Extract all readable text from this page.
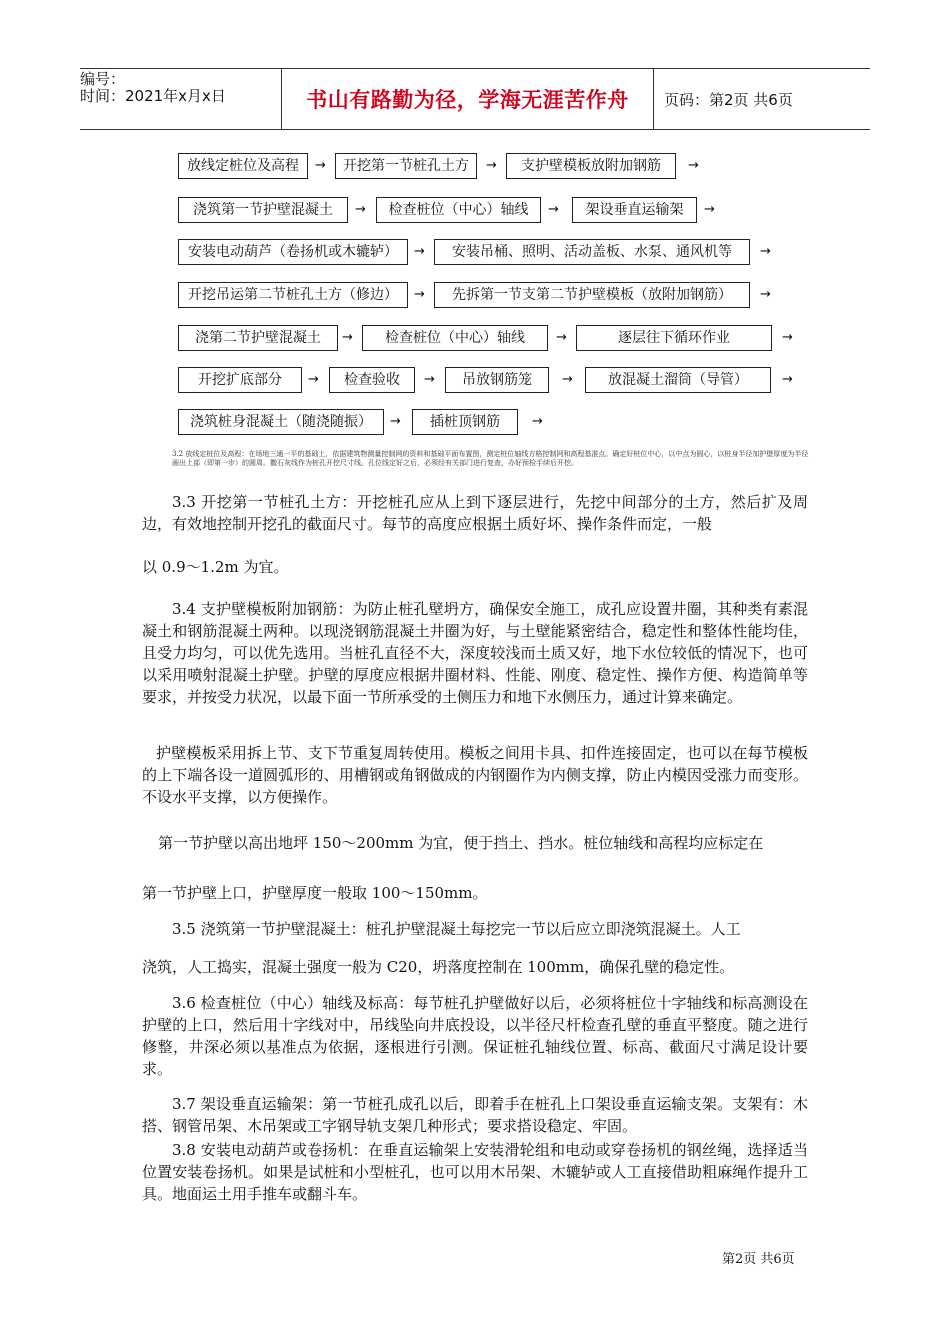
编号：
时间：2021年x月x日	书山有路勤为径，学海无涯苦作舟 页码：第2页 共6页
放线定桩位及高程	→	开挖第一节桩孔土方	→	支护壁模板放附加钢筋	→
浇筑第一节护壁混凝土	→	检查桩位（中心）轴线	→	架设垂直运输架	→
安装电动葫芦（卷扬机或木辘轳）	→	安装吊桶、照明、活动盖板、水泵、通风机等	→
开挖吊运第二节桩孔土方（修边）	→	先拆第一节支第二节护壁模板（放附加钢筋）	→
浇第二节护壁混凝土	→	检查桩位（中心）轴线	→	逐层往下循环作业	→
开挖扩底部分	→	检查验收	→	吊放钢筋笼	→	放混凝土溜筒（导管）	→
浇筑桩身混凝土（随浇随振）	→	插桩顶钢筋	→
3.2 放线定桩位及高程：在场地三通一平的基础上，依据建筑物测量控制网的资料和基础平面布置图，测定桩位轴线方格控制网和高程基准点。确定好桩位中心，以中点为圆心，以桩身半径加护壁厚度为半径画出上部（即第一步）的圆周。撒石灰线作为桩孔开挖尺寸线。孔位线定好之后，必须经有关部门进行复查，办好预检手续后开挖。
3.3 开挖第一节桩孔土方：开挖桩孔应从上到下逐层进行，先挖中间部分的土方，然后扩及周边，有效地控制开挖孔的截面尺寸。每节的高度应根据土质好坏、操作条件而定，一般
以 0.9～1.2m 为宜。
3.4 支护壁模板附加钢筋：为防止桩孔壁坍方，确保安全施工，成孔应设置井圈，其种类有素混凝土和钢筋混凝土两种。以现浇钢筋混凝土井圈为好，与土壁能紧密结合，稳定性和整体性能均佳，且受力均匀，可以优先选用。当桩孔直径不大，深度较浅而土质又好，地下水位较低的情况下，也可以采用喷射混凝土护壁。护壁的厚度应根据井圈材料、性能、刚度、稳定性、操作方便、构造简单等要求，并按受力状况，以最下面一节所承受的土侧压力和地下水侧压力，通过计算来确定。
护壁模板采用拆上节、支下节重复周转使用。模板之间用卡具、扣件连接固定，也可以在每节模板的上下端各设一道圆弧形的、用槽钢或角钢做成的内钢圈作为内侧支撑，防止内模因受涨力而变形。不设水平支撑，以方便操作。
第一节护壁以高出地坪 150～200mm 为宜，便于挡土、挡水。桩位轴线和高程均应标定在
第一节护壁上口，护壁厚度一般取 100～150mm。
3.5 浇筑第一节护壁混凝土：桩孔护壁混凝土每挖完一节以后应立即浇筑混凝土。人工
浇筑，人工捣实，混凝土强度一般为 C20，坍落度控制在 100mm，确保孔壁的稳定性。
3.6 检查桩位（中心）轴线及标高：每节桩孔护壁做好以后，必须将桩位十字轴线和标高测设在护壁的上口，然后用十字线对中，吊线坠向井底投设，以半径尺杆检查孔壁的垂直平整度。随之进行修整，井深必须以基准点为依据，逐根进行引测。保证桩孔轴线位置、标高、截面尺寸满足设计要求。
3.7 架设垂直运输架：第一节桩孔成孔以后，即着手在桩孔上口架设垂直运输支架。支架有：木搭、钢管吊架、木吊架或工字钢导轨支架几种形式；要求搭设稳定、牢固。
3.8 安装电动葫芦或卷扬机：在垂直运输架上安装滑轮组和电动或穿卷扬机的钢丝绳，选择适当位置安装卷扬机。如果是试桩和小型桩孔，也可以用木吊架、木辘轳或人工直接借助粗麻绳作提升工具。地面运土用手推车或翻斗车。
第2页 共6页
